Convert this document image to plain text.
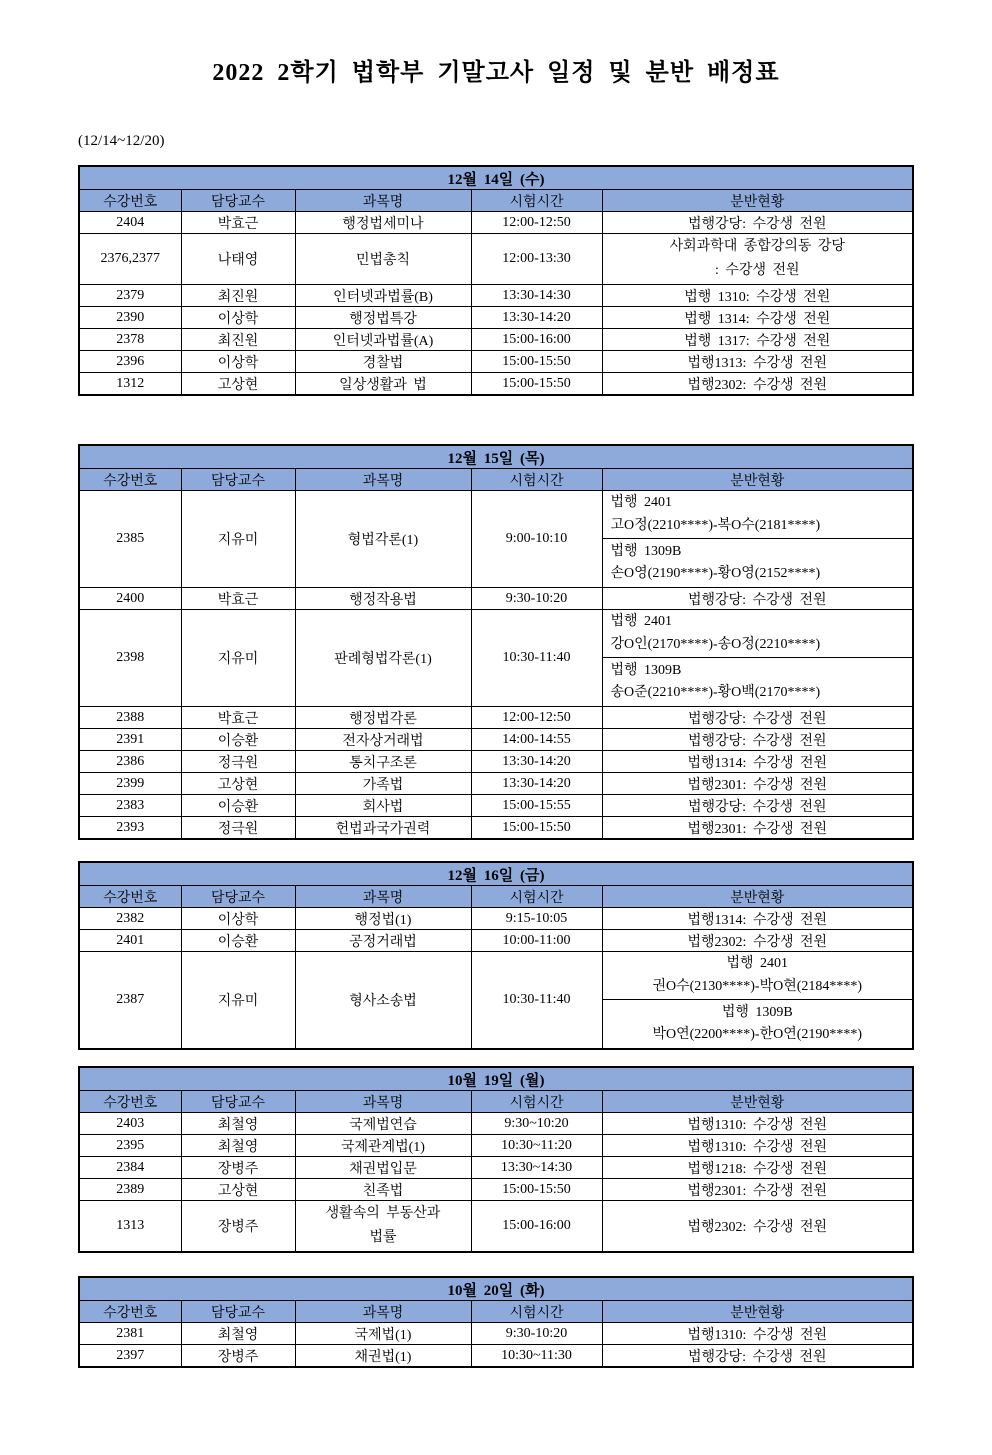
2022 2학기 법학부 기말고사 일정 및 분반 배정표
(12/14~12/20)
12월 14일 (수)				
수강번호	담당교수	과목명	시험시간	분반현황
2404	박효근	행정법세미나	12:00-12:50	법행강당: 수강생 전원
2376,2377	나태영	민법총칙	12:00-13:30	사회과학대 종합강의동 강당
: 수강생 전원

2379	최진원	인터넷과법률(B)	13:30-14:30	법행 1310: 수강생 전원
2390	이상학	행정법특강	13:30-14:20	법행 1314: 수강생 전원
2378	최진원	인터넷과법률(A)	15:00-16:00	법행 1317: 수강생 전원
2396	이상학	경찰법	15:00-15:50	법행1313: 수강생 전원
1312	고상현	일상생활과 법	15:00-15:50	법행2302: 수강생 전원
12월 15일 (목)				
수강번호	담당교수	과목명	시험시간	분반현황
2385	지유미	형법각론(1)	9:00-10:10	법행 2401
고O정(2210****)-복O수(2181****)
법행 1309B
손O영(2190****)-황O영(2152****)

2400	박효근	행정작용법	9:30-10:20	법행강당: 수강생 전원
2398	지유미	판례형법각론(1)	10:30-11:40	법행 2401
강O인(2170****)-송O정(2210****)
법행 1309B
송O준(2210****)-황O백(2170****)

2388	박효근	행정법각론	12:00-12:50	법행강당: 수강생 전원
2391	이승환	전자상거래법	14:00-14:55	법행강당: 수강생 전원
2386	정극원	통치구조론	13:30-14:20	법행1314: 수강생 전원
2399	고상현	가족법	13:30-14:20	법행2301: 수강생 전원
2383	이승환	회사법	15:00-15:55	법행강당: 수강생 전원
2393	정극원	헌법과국가권력	15:00-15:50	법행2301: 수강생 전원
12월 16일 (금)				
수강번호	담당교수	과목명	시험시간	분반현황
2382	이상학	행정법(1)	9:15-10:05	법행1314: 수강생 전원
2401	이승환	공정거래법	10:00-11:00	법행2302: 수강생 전원
2387	지유미	형사소송법	10:30-11:40	법행 2401
권O수(2130****)-박O현(2184****)
법행 1309B
박O연(2200****)-한O연(2190****)
10월 19일 (월)				
수강번호	담당교수	과목명	시험시간	분반현황
2403	최철영	국제법연습	9:30~10:20	법행1310: 수강생 전원
2395	최철영	국제관계법(1)	10:30~11:20	법행1310: 수강생 전원
2384	장병주	채권법입문	13:30~14:30	법행1218: 수강생 전원
2389	고상현	친족법	15:00-15:50	법행2301: 수강생 전원
1313	장병주	생활속의 부동산과
법률	15:00-16:00	법행2302: 수강생 전원
10월 20일 (화)				
수강번호	담당교수	과목명	시험시간	분반현황
2381	최철영	국제법(1)	9:30-10:20	법행1310: 수강생 전원
2397	장병주	채권법(1)	10:30~11:30	법행강당: 수강생 전원
